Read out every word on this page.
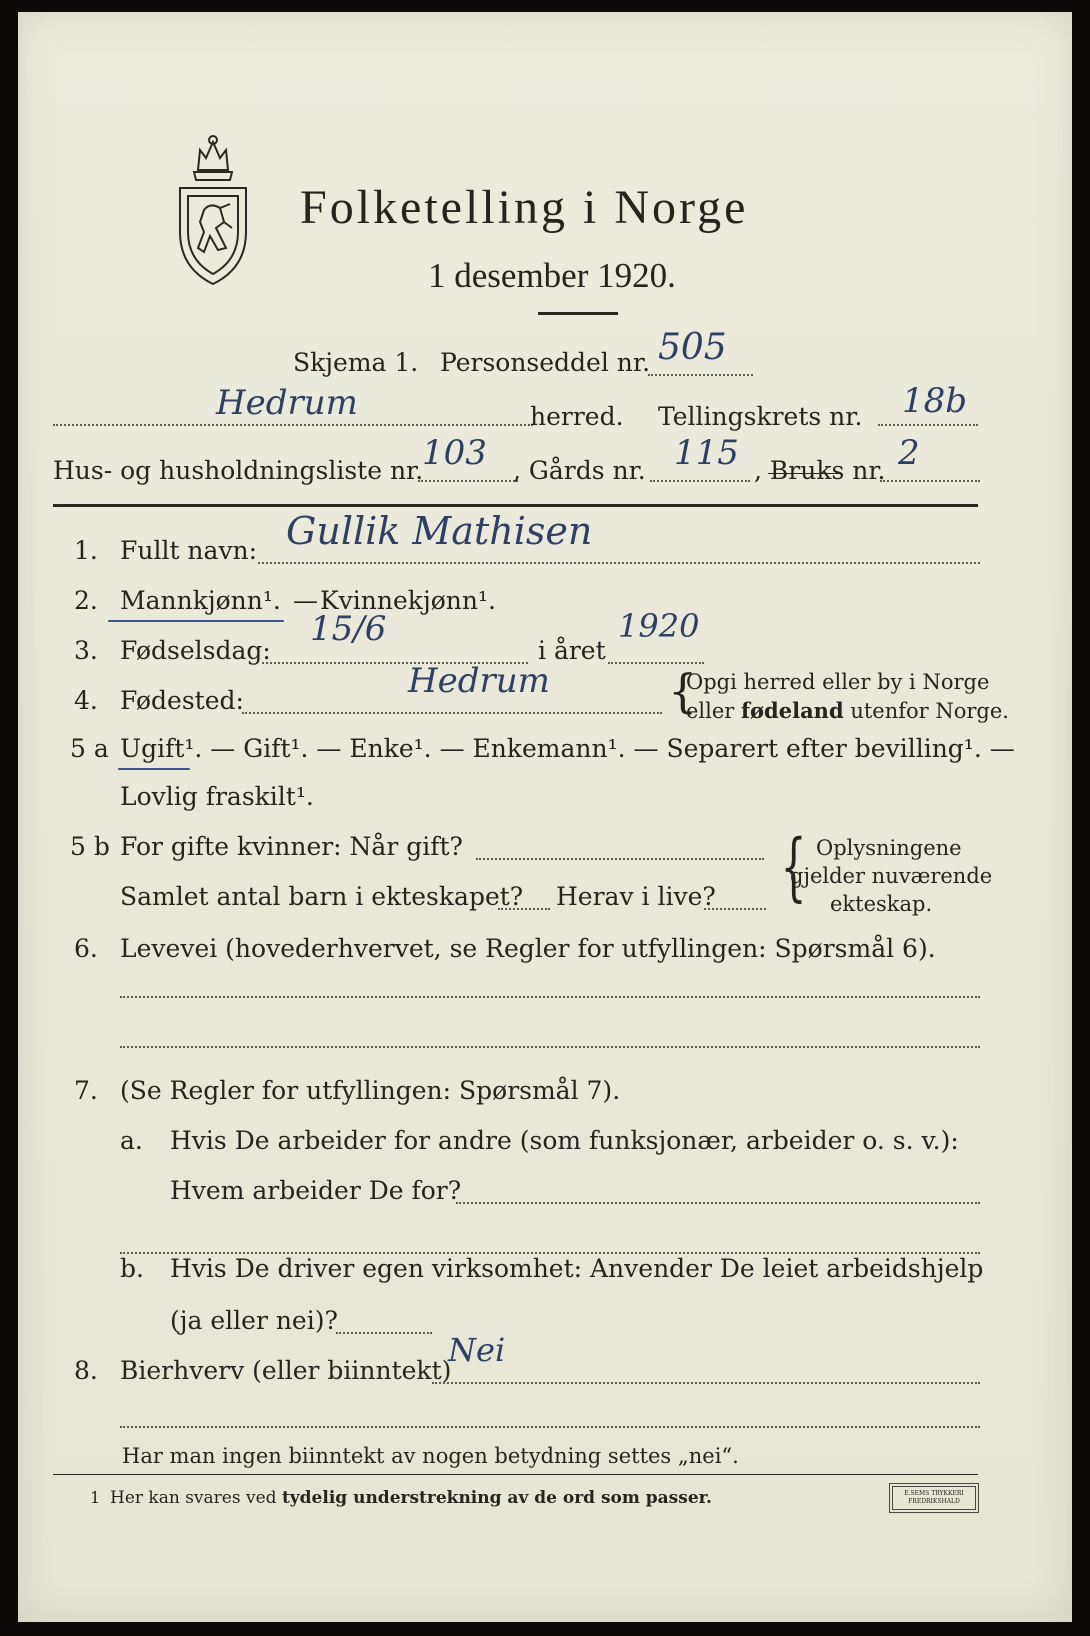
Folketelling i Norge
1 desember 1920.
Skjema 1. Personseddel nr. 505
Hedrum	herred. Tellingskrets nr. 18b
Hus- og husholdningsliste nr.
103 , Gårds nr. 115 , Bruks nr. 2
1. Fullt navn: Gullik Mathisen
2. Mannkjønn¹. — Kvinnekjønn¹.
3. Fødselsdag:
15/6
i året
1920
4. Fødested:	Hedrum	{
Opgi herred eller by i Norge
eller fødeland utenfor Norge.
5 a Ugift¹. — Gift¹. — Enke¹. — Enkemann¹. — Separert efter bevilling¹. —
Lovlig fraskilt¹.
5 b For gifte kvinner: Når gift?
Samlet antal barn i ekteskapet? Herav i live? { Oplysningene
gjelder nuværende
ekteskap.
6. Levevei (hovederhvervet, se Regler for utfyllingen: Spørsmål 6).
7. (Se Regler for utfyllingen: Spørsmål 7).
a. Hvis De arbeider for andre (som funksjonær, arbeider o. s. v.):
Hvem arbeider De for?
b. Hvis De driver egen virksomhet: Anvender De leiet arbeidshjelp
(ja eller nei)?
8. Bierhverv (eller biinntekt)
Nei
Har man ingen biinntekt av nogen betydning settes „nei“.
1 Her kan svares ved tydelig understrekning av de ord som passer.	E.SEMS TRYKKERI
FREDRIKSHALD
